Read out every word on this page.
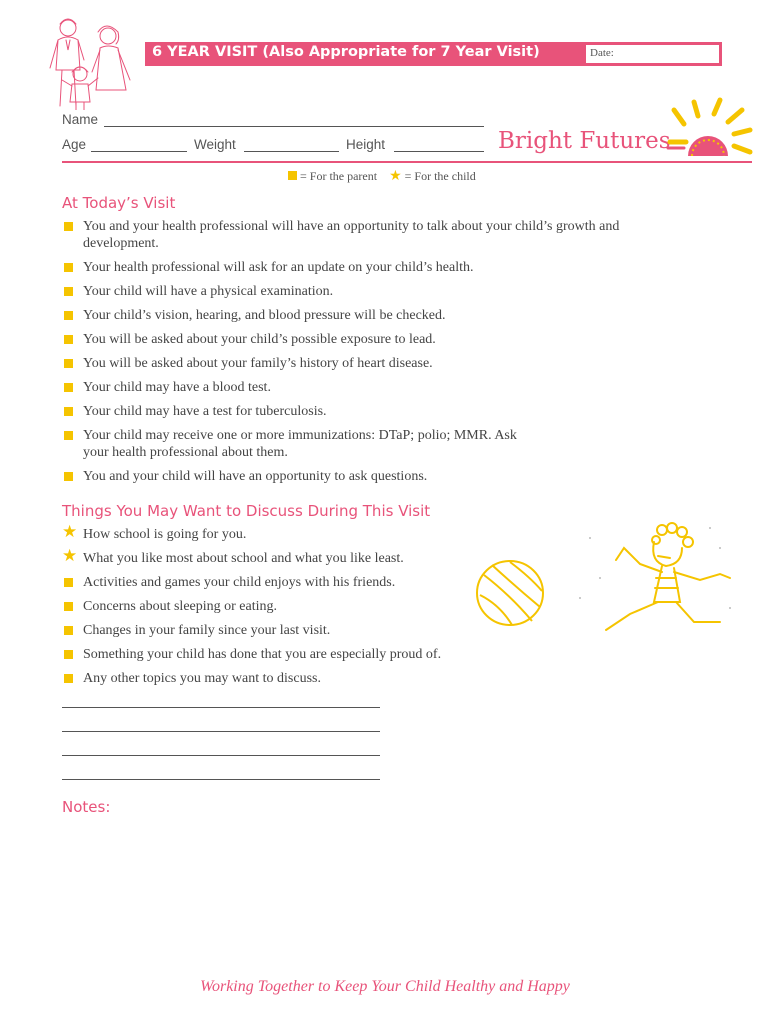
6 YEAR VISIT (Also Appropriate for 7 Year Visit)	Date:
Name
Age	Weight	Height	Bright Futures
= For the parent ★ = For the child
At Today’s Visit
You and your health professional will have an opportunity to talk about your child’s growth and development.
Your health professional will ask for an update on your child’s health.
Your child will have a physical examination.
Your child’s vision, hearing, and blood pressure will be checked.
You will be asked about your child’s possible exposure to lead.
You will be asked about your family’s history of heart disease.
Your child may have a blood test.
Your child may have a test for tuberculosis.
Your child may receive one or more immunizations: DTaP; polio; MMR. Ask your health professional about them.
You and your child will have an opportunity to ask questions.
Things You May Want to Discuss During This Visit
★ How school is going for you.
★ What you like most about school and what you like least.
Activities and games your child enjoys with his friends.
Concerns about sleeping or eating.
Changes in your family since your last visit.
Something your child has done that you are especially proud of.
Any other topics you may want to discuss.
Notes:
Working Together to Keep Your Child Healthy and Happy
